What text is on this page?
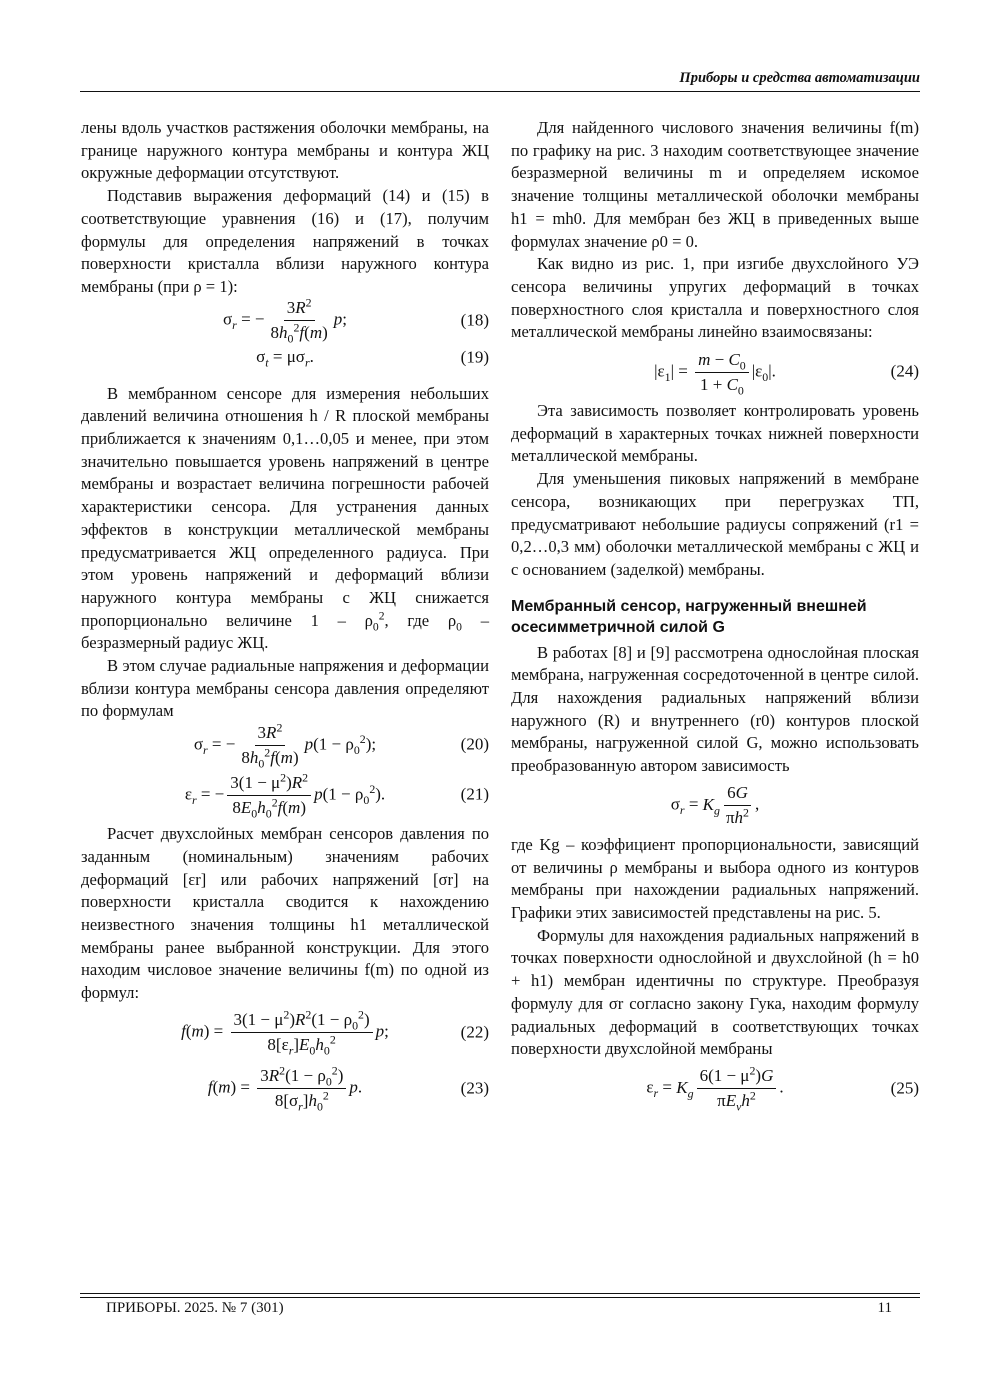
Приборы и средства автоматизации

лены вдоль участков растяжения оболочки мембраны, на границе наружного контура мембраны и контура ЖЦ окружные деформации отсутствуют.

Подставив выражения деформаций (14) и (15) в соответствующие уравнения (16) и (17), получим формулы для определения напряжений в точках поверхности кристалла вблизи наружного контура мембраны (при ρ = 1):

$\sigma_r$ = − $\frac{3R^2}{8h_0^2f(m)} p$;	(18)
$\sigma_t = \mu\sigma_r$.	(19)

В мембранном сенсоре для измерения небольших давлений величина отношения h / R плоской мембраны приближается к значениям 0,1…0,05 и менее, при этом значительно повышается уровень напряжений в центре мембраны и возрастает величина погрешности рабочей характеристики сенсора. Для устранения данных эффектов в конструкции металлической мембраны предусматривается ЖЦ определенного радиуса. При этом уровень напряжений и деформаций вблизи наружного контура мембраны с ЖЦ снижается пропорционально величине $1 - \rho_0^2$, где $\rho_0$ – безразмерный радиус ЖЦ.

В этом случае радиальные напряжения и деформации вблизи контура мембраны сенсора давления определяют по формулам

$\sigma_r$ = − $\frac{3R^2}{8h_0^2f(m)} p(1 - \rho_0^2)$;	(20)
$\varepsilon_r$ = − $\frac{3(1 - \mu^2)R^2}{8E_0h_0^2f(m)} p(1 - \rho_0^2)$.	(21)

Расчет двухслойных мембран сенсоров давления по заданным (номинальным) значениям рабочих деформаций [εr] или рабочих напряжений [σr] на поверхности кристалла сводится к нахождению неизвестного значения толщины h1 металлической мембраны ранее выбранной конструкции. Для этого находим числовое значение величины f(m) по одной из формул:

$f(m) = \frac{3(1 - \mu^2)R^2(1 - \rho_0^2)}{8[\varepsilon_r]E_0h_0^2} p$;	(22)
$f(m) = \frac{3R^2(1 - \rho_0^2)}{8[\sigma_r]h_0^2} p$.	(23)

Для найденного числового значения величины f(m) по графику на рис. 3 находим соответствующее значение безразмерной величины m и определяем искомое значение толщины металлической оболочки мембраны h1 = mh0. Для мембран без ЖЦ в приведенных выше формулах значение ρ0 = 0.

Как видно из рис. 1, при изгибе двухслойного УЭ сенсора величины упругих деформаций в точках поверхностного слоя кристалла и поверхностного слоя металлической мембраны линейно взаимосвязаны:

$|\varepsilon_1| = \frac{m - C_0}{1 + C_0} |\varepsilon_0|$.	(24)

Эта зависимость позволяет контролировать уровень деформаций в характерных точках нижней поверхности металлической мембраны.

Для уменьшения пиковых напряжений в мембране сенсора, возникающих при перегрузках ТП, предусматривают небольшие радиусы сопряжений (r1 = 0,2…0,3 мм) оболочки металлической мембраны с ЖЦ и с основанием (заделкой) мембраны.

Мембранный сенсор, нагруженный внешней осесимметричной силой G

В работах [8] и [9] рассмотрена однослойная плоская мембрана, нагруженная сосредоточенной в центре силой. Для нахождения радиальных напряжений вблизи наружного (R) и внутреннего (r0) контуров плоской мембраны, нагруженной силой G, можно использовать преобразованную автором зависимость

$\sigma_r = K_g \frac{6G}{\pi h^2}$ ,

где Kg – коэффициент пропорциональности, зависящий от величины ρ мембраны и выбора одного из контуров мембраны при нахождении радиальных напряжений. Графики этих зависимостей представлены на рис. 5.

Формулы для нахождения радиальных напряжений в точках поверхности однослойной и двухслойной (h = h0 + h1) мембран идентичны по структуре. Преобразуя формулу для σr согласно закону Гука, находим формулу радиальных деформаций в соответствующих точках поверхности двухслойной мембраны

$\varepsilon_r = K_g \frac{6(1 - \mu^2)G}{\pi E_vh^2}$ .	(25)
ПРИБОРЫ. 2025. № 7 (301)	11
